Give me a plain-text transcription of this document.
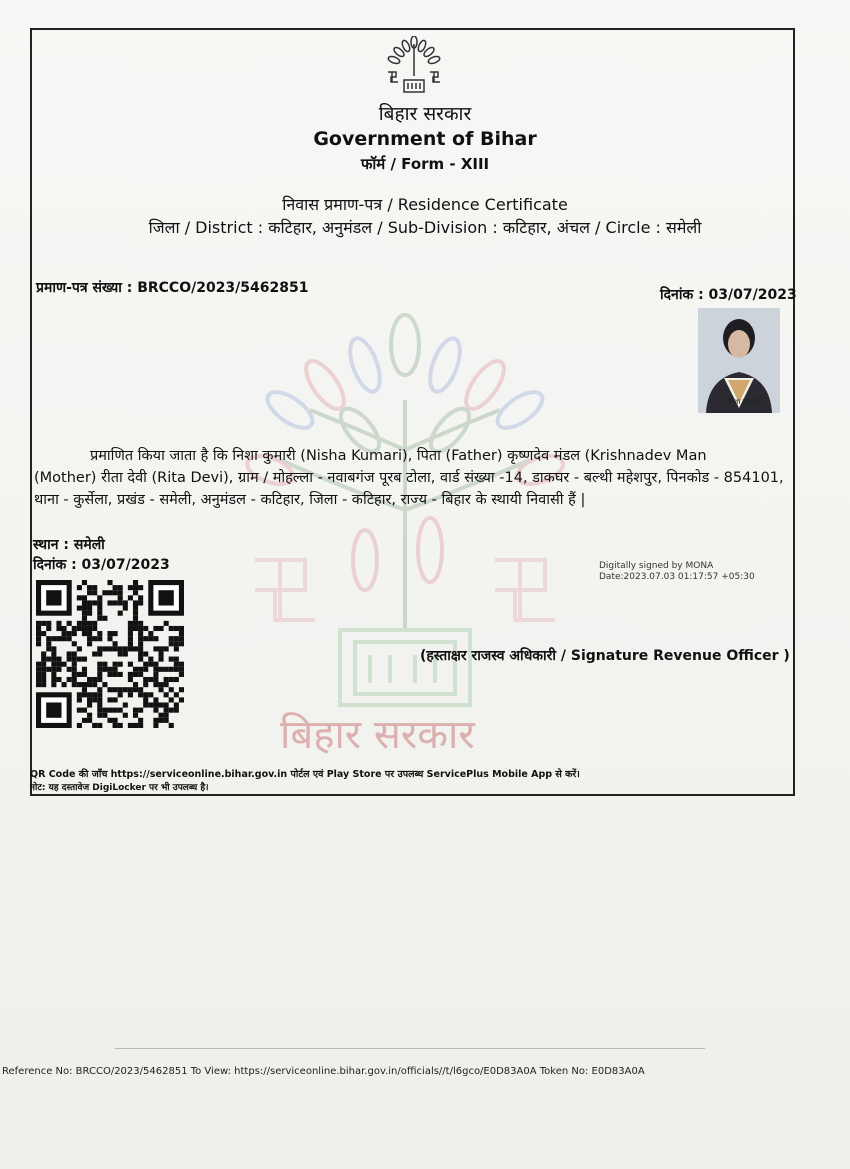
बिहार सरकार
बिहार सरकार
Government of Bihar
फॉर्म / Form - XIII
निवास प्रमाण-पत्र / Residence Certificate
जिला / District : कटिहार, अनुमंडल / Sub-Division : कटिहार, अंचल / Circle : समेली
प्रमाण-पत्र संख्या : BRCCO/2023/5462851	दिनांक : 03/07/2023
निशा कुमारी
प्रमाणित किया जाता है कि निशा कुमारी (Nisha Kumari), पिता (Father) कृष्णदेव मंडल (Krishnadev Man
(Mother) रीता देवी (Rita Devi), ग्राम / मोहल्ला - नवाबगंज पूरब टोला, वार्ड संख्या -14, डाकघर - बल्थी महेशपुर, पिनकोड - 854101,
थाना - कुर्सेला, प्रखंड - समेली, अनुमंडल - कटिहार, जिला - कटिहार, राज्य - बिहार के स्थायी निवासी हैं |
स्थान : समेली
दिनांक : 03/07/2023	Digitally signed by MONA
Date:2023.07.03 01:17:57 +05:30
(हस्ताक्षर राजस्व अधिकारी / Signature Revenue Officer )
QR Code की जाँच https://serviceonline.bihar.gov.in पोर्टल एवं Play Store पर उपलब्ध ServicePlus Mobile App से करें।
नोट: यह दस्तावेज DigiLocker पर भी उपलब्ध है।
Reference No: BRCCO/2023/5462851 To View: https://serviceonline.bihar.gov.in/officials//t/l6gco/E0D83A0A Token No: E0D83A0A
